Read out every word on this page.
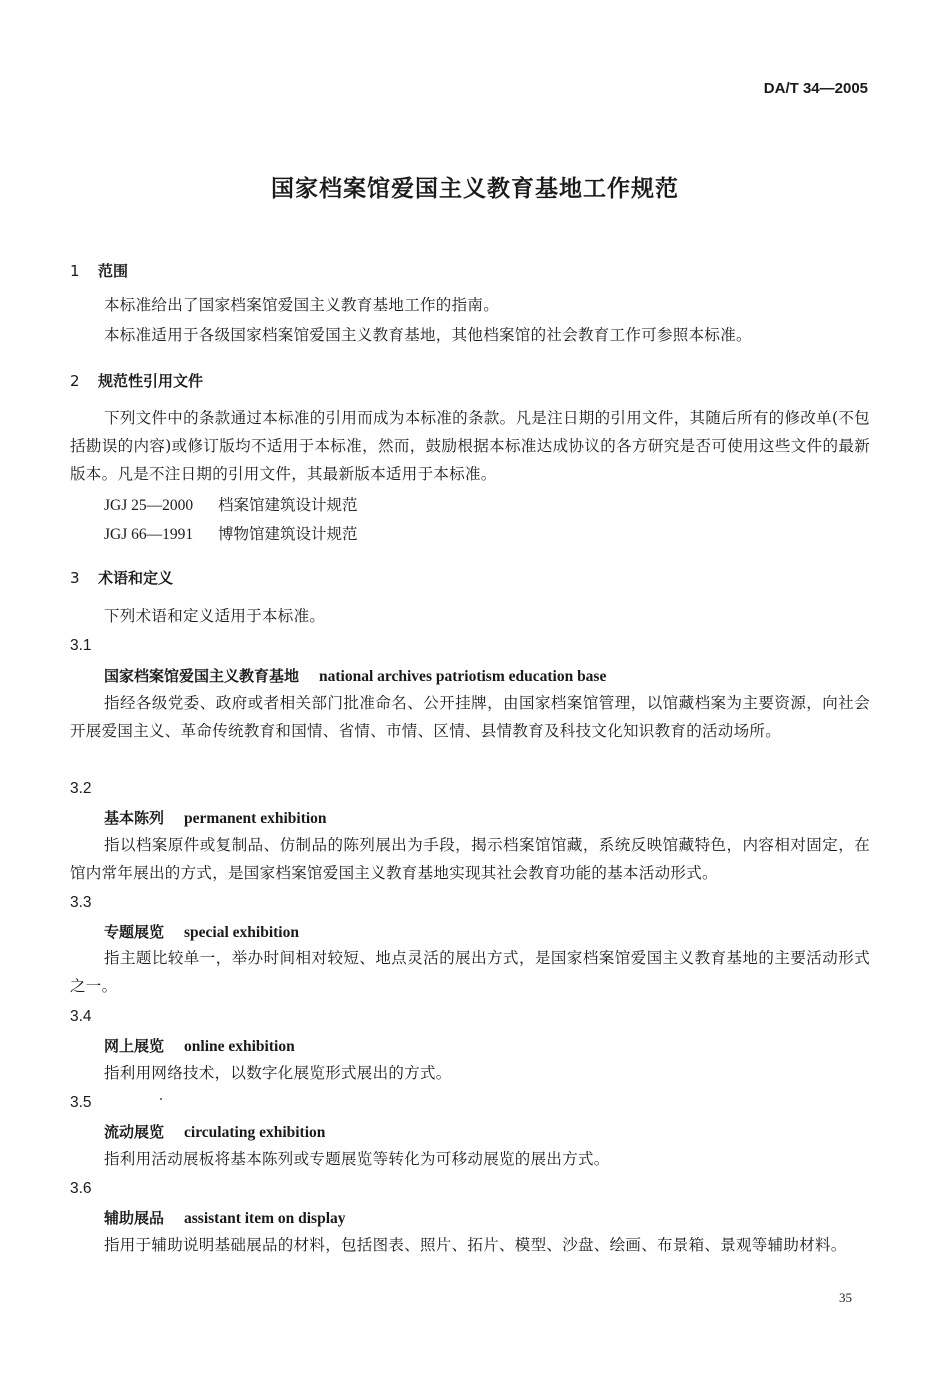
DA/T 34—2005
国家档案馆爱国主义教育基地工作规范
1 范围
本标准给出了国家档案馆爱国主义教育基地工作的指南。
本标准适用于各级国家档案馆爱国主义教育基地，其他档案馆的社会教育工作可参照本标准。
2 规范性引用文件
下列文件中的条款通过本标准的引用而成为本标准的条款。凡是注日期的引用文件，其随后所有的修改单(不包括勘误的内容)或修订版均不适用于本标准，然而，鼓励根据本标准达成协议的各方研究是否可使用这些文件的最新版本。凡是不注日期的引用文件，其最新版本适用于本标准。
JGJ 25—2000 档案馆建筑设计规范
JGJ 66—1991 博物馆建筑设计规范
3 术语和定义
下列术语和定义适用于本标准。
3.1
国家档案馆爱国主义教育基地 national archives patriotism education base
指经各级党委、政府或者相关部门批准命名、公开挂牌，由国家档案馆管理，以馆藏档案为主要资源，向社会开展爱国主义、革命传统教育和国情、省情、市情、区情、县情教育及科技文化知识教育的活动场所。
3.2
基本陈列 permanent exhibition
指以档案原件或复制品、仿制品的陈列展出为手段，揭示档案馆馆藏，系统反映馆藏特色，内容相对固定，在馆内常年展出的方式，是国家档案馆爱国主义教育基地实现其社会教育功能的基本活动形式。
3.3
专题展览 special exhibition
指主题比较单一，举办时间相对较短、地点灵活的展出方式，是国家档案馆爱国主义教育基地的主要活动形式之一。
3.4
网上展览 online exhibition
指利用网络技术，以数字化展览形式展出的方式。
3.5
流动展览 circulating exhibition
指利用活动展板将基本陈列或专题展览等转化为可移动展览的展出方式。
3.6
辅助展品 assistant item on display
指用于辅助说明基础展品的材料，包括图表、照片、拓片、模型、沙盘、绘画、布景箱、景观等辅助材料。
35
